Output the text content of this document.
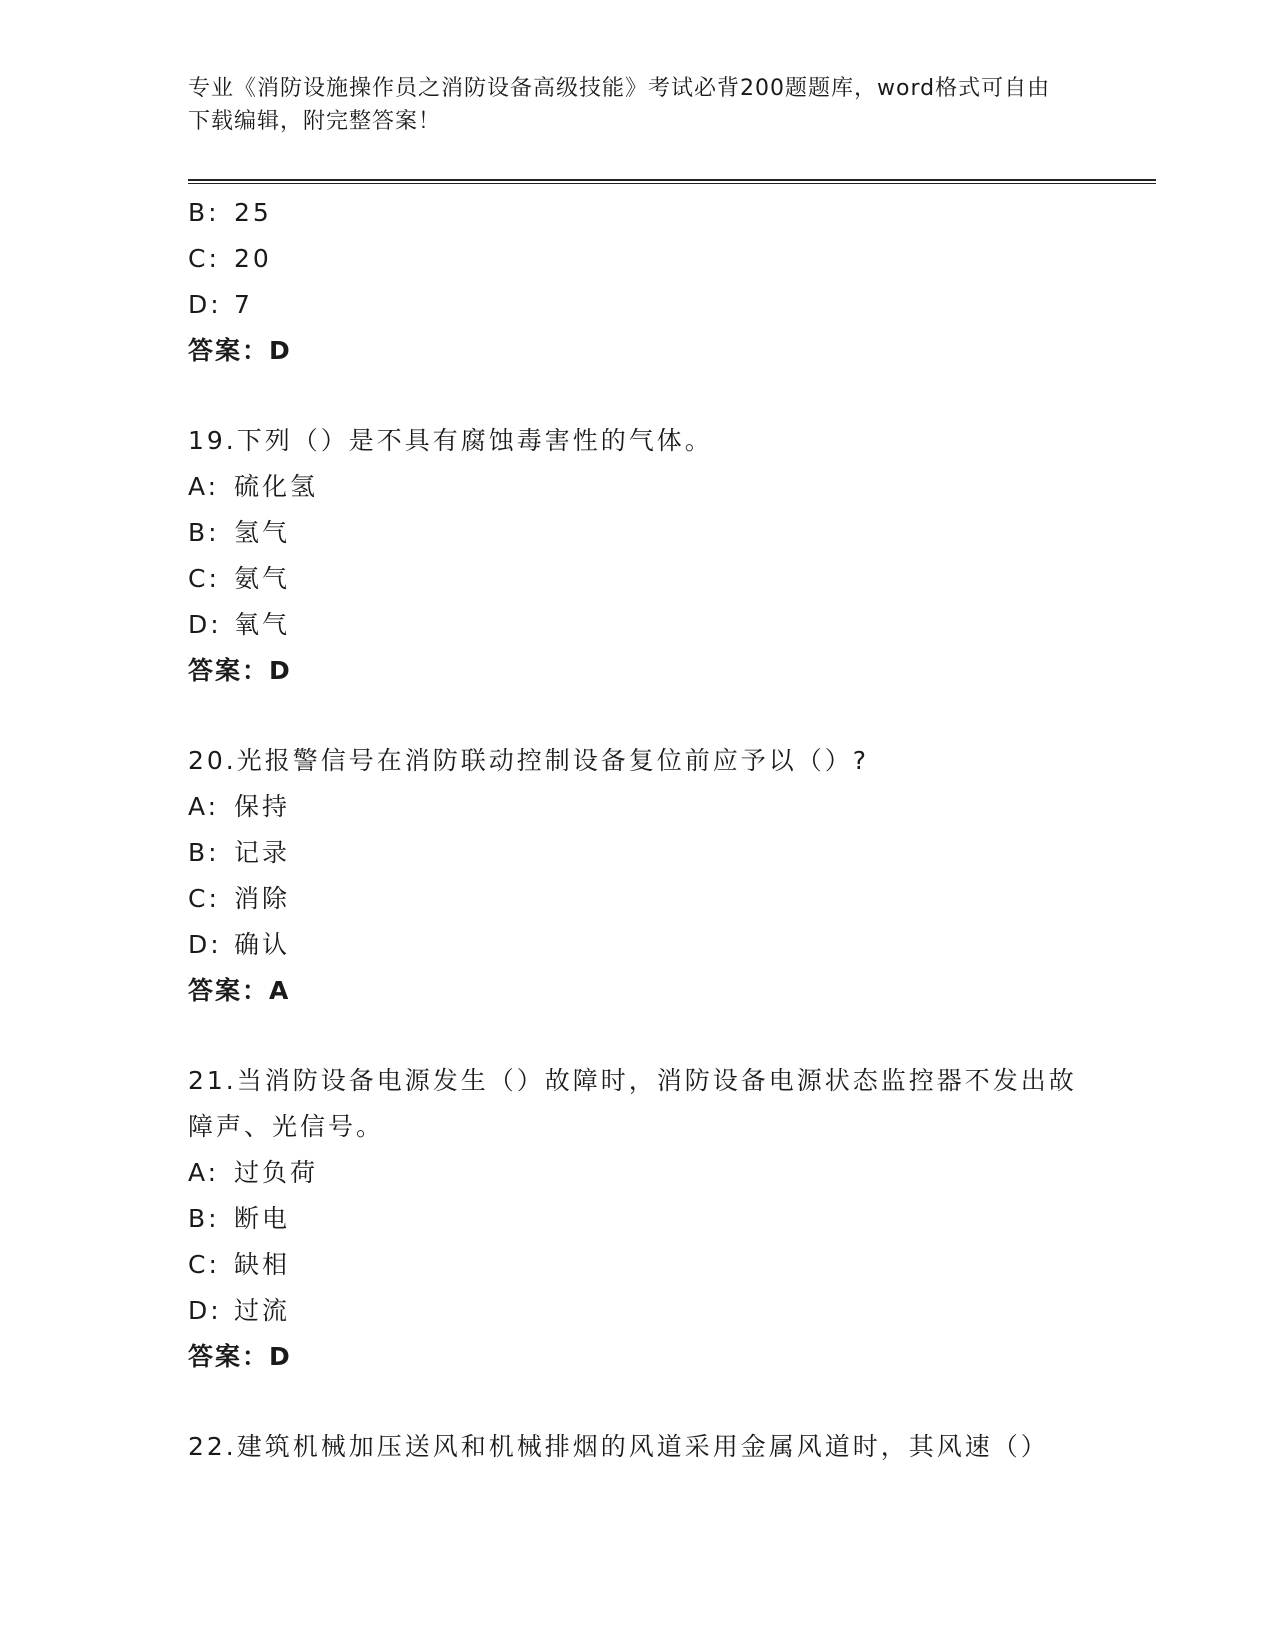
专业《消防设施操作员之消防设备高级技能》考试必背200题题库，word格式可自由下载编辑，附完整答案！
B: 25
C: 20
D: 7
答案：D
19.下列（）是不具有腐蚀毒害性的气体。
A: 硫化氢
B: 氢气
C: 氨气
D: 氧气
答案：D
20.光报警信号在消防联动控制设备复位前应予以（）?
A: 保持
B: 记录
C: 消除
D: 确认
答案：A
21.当消防设备电源发生（）故障时，消防设备电源状态监控器不发出故障声、光信号。
A: 过负荷
B: 断电
C: 缺相
D: 过流
答案：D
22.建筑机械加压送风和机械排烟的风道采用金属风道时，其风速（）
